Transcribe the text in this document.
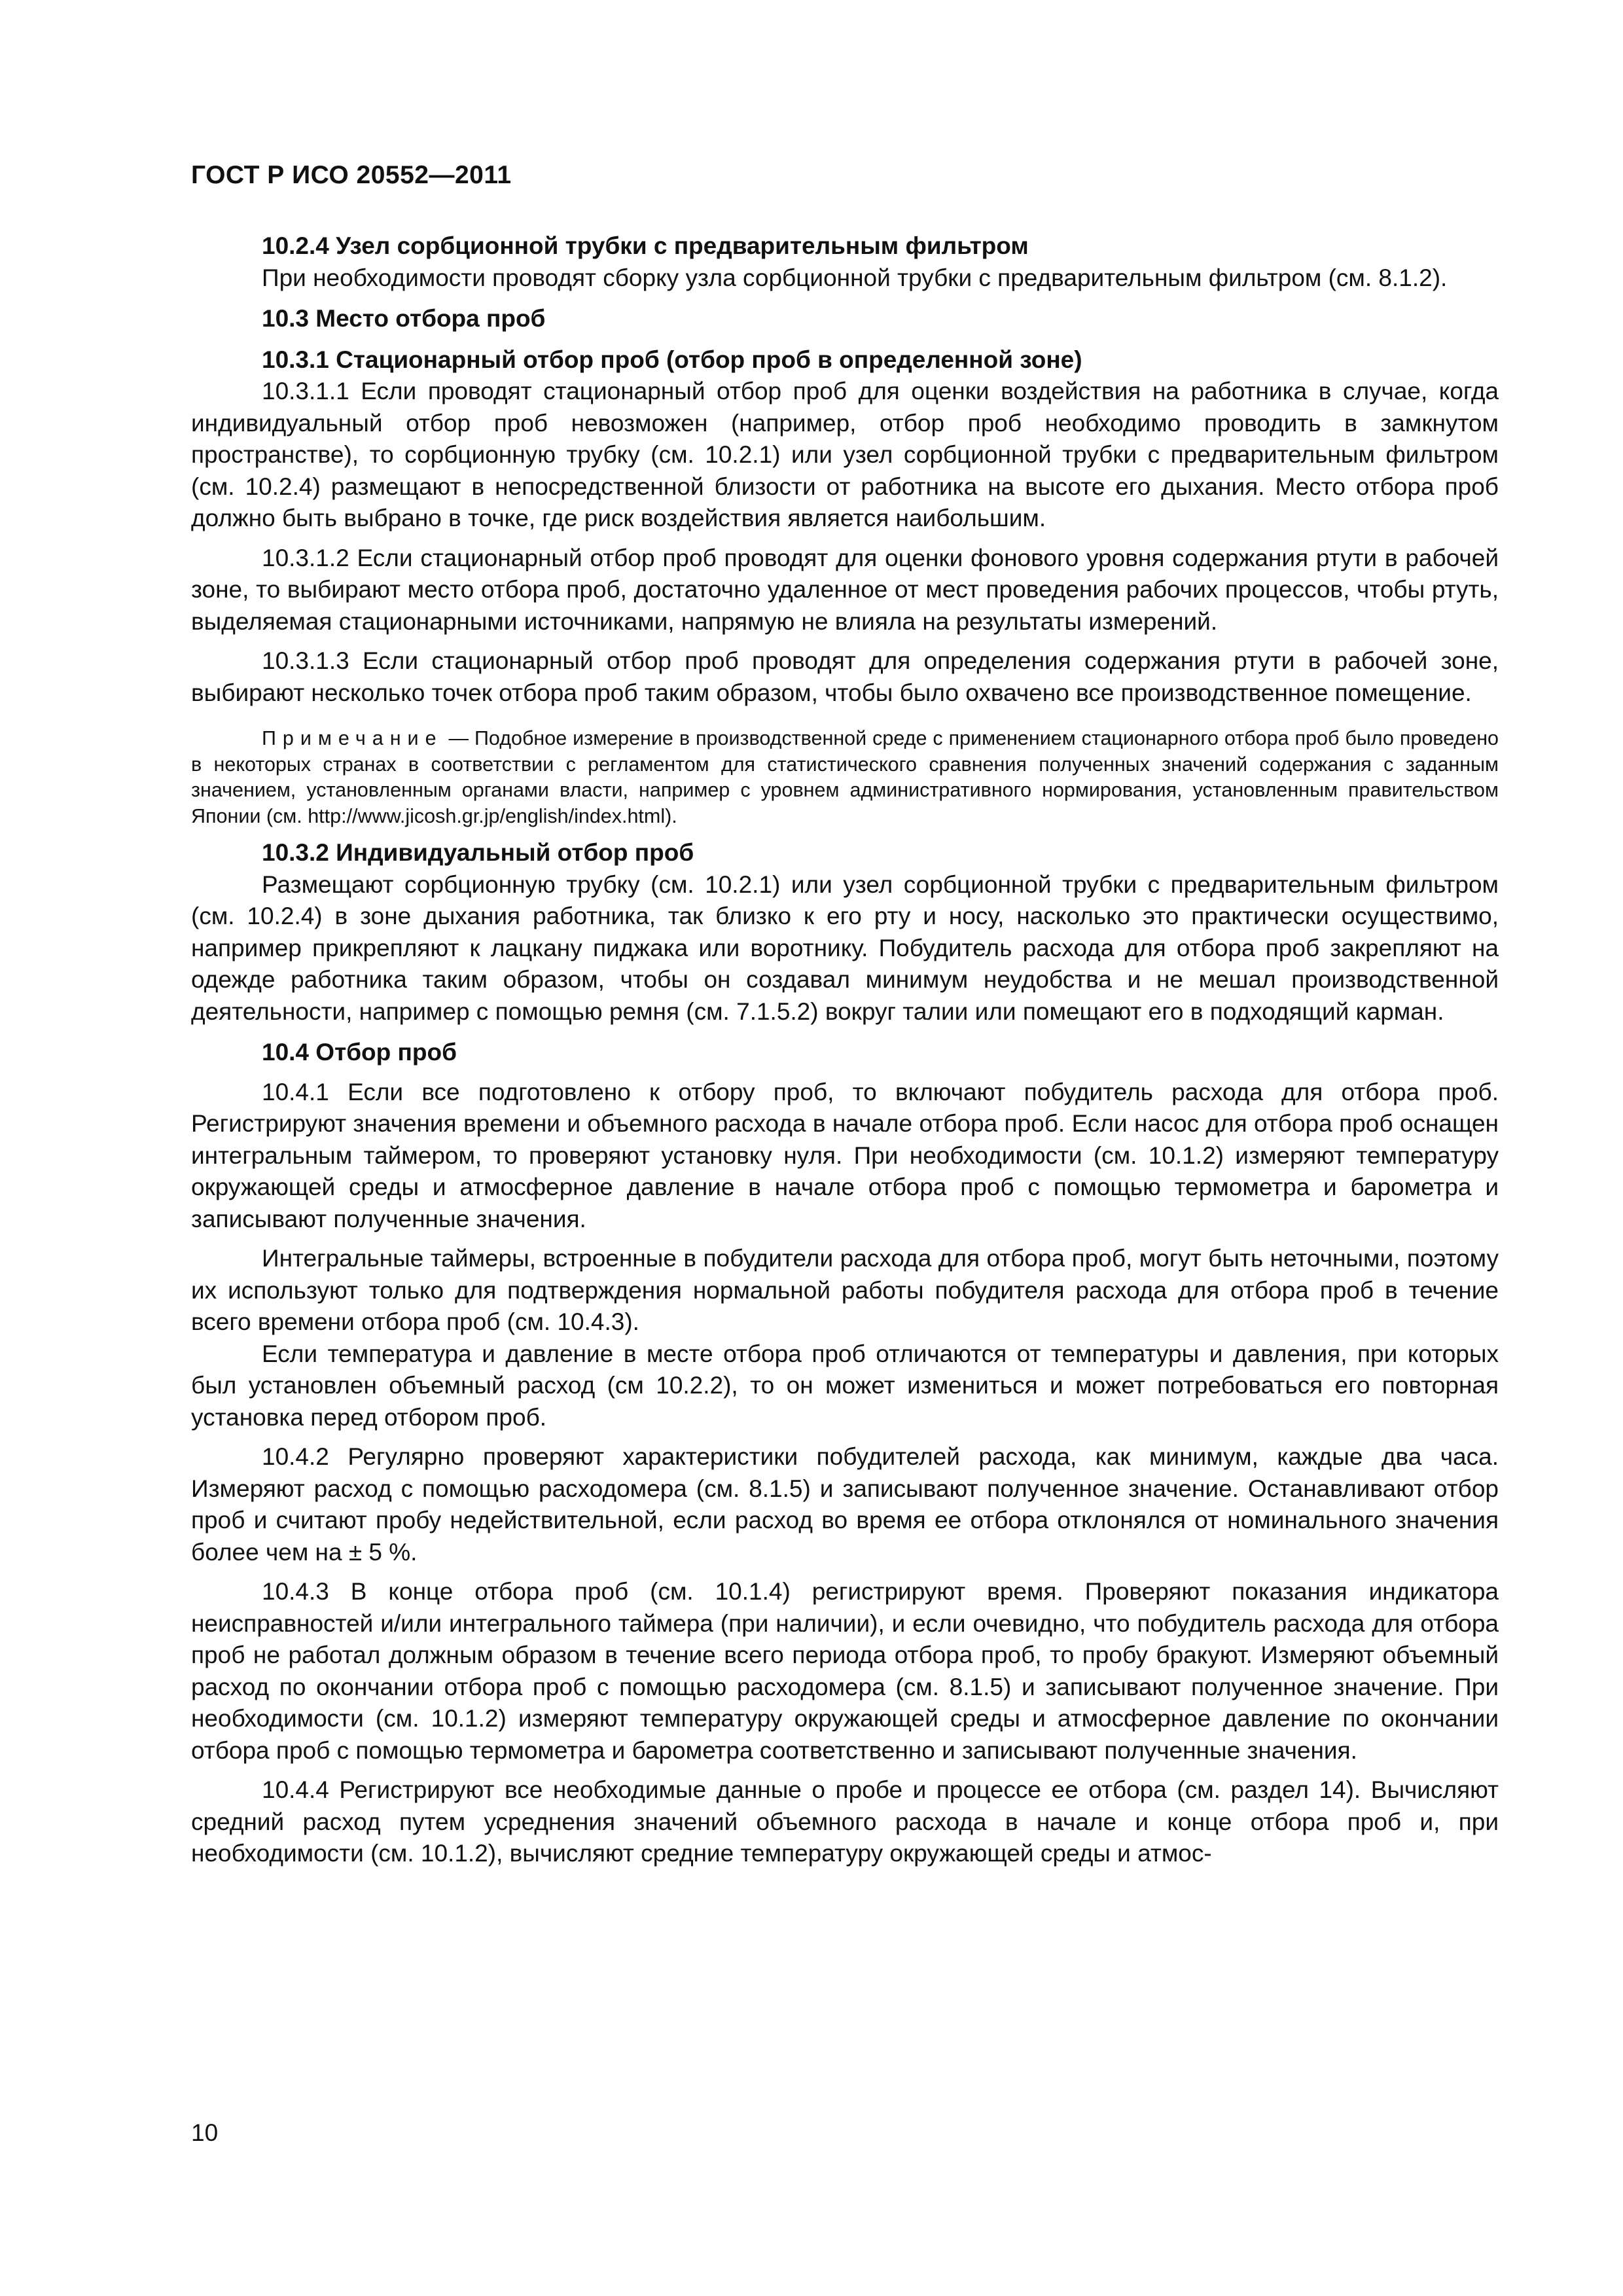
ГОСТ Р ИСО 20552—2011

10.2.4 Узел сорбционной трубки с предварительным фильтром

При необходимости проводят сборку узла сорбционной трубки с предварительным фильтром (см. 8.1.2).

10.3 Место отбора проб

10.3.1 Стационарный отбор проб (отбор проб в определенной зоне)

10.3.1.1 Если проводят стационарный отбор проб для оценки воздействия на работника в случае, когда индивидуальный отбор проб невозможен (например, отбор проб необходимо проводить в замкнутом пространстве), то сорбционную трубку (см. 10.2.1) или узел сорбционной трубки с предварительным фильтром (см. 10.2.4) размещают в непосредственной близости от работника на высоте его дыхания. Место отбора проб должно быть выбрано в точке, где риск воздействия является наибольшим.

10.3.1.2 Если стационарный отбор проб проводят для оценки фонового уровня содержания ртути в рабочей зоне, то выбирают место отбора проб, достаточно удаленное от мест проведения рабочих процессов, чтобы ртуть, выделяемая стационарными источниками, напрямую не влияла на результаты измерений.

10.3.1.3 Если стационарный отбор проб проводят для определения содержания ртути в рабочей зоне, выбирают несколько точек отбора проб таким образом, чтобы было охвачено все производственное помещение.

Примечание — Подобное измерение в производственной среде с применением стационарного отбора проб было проведено в некоторых странах в соответствии с регламентом для статистического сравнения полученных значений содержания с заданным значением, установленным органами власти, например с уровнем административного нормирования, установленным правительством Японии (см. http://www.jicosh.gr.jp/english/index.html).

10.3.2 Индивидуальный отбор проб

Размещают сорбционную трубку (см. 10.2.1) или узел сорбционной трубки с предварительным фильтром (см. 10.2.4) в зоне дыхания работника, так близко к его рту и носу, насколько это практически осуществимо, например прикрепляют к лацкану пиджака или воротнику. Побудитель расхода для отбора проб закрепляют на одежде работника таким образом, чтобы он создавал минимум неудобства и не мешал производственной деятельности, например с помощью ремня (см. 7.1.5.2) вокруг талии или помещают его в подходящий карман.

10.4 Отбор проб

10.4.1 Если все подготовлено к отбору проб, то включают побудитель расхода для отбора проб. Регистрируют значения времени и объемного расхода в начале отбора проб. Если насос для отбора проб оснащен интегральным таймером, то проверяют установку нуля. При необходимости (см. 10.1.2) измеряют температуру окружающей среды и атмосферное давление в начале отбора проб с помощью термометра и барометра и записывают полученные значения.

Интегральные таймеры, встроенные в побудители расхода для отбора проб, могут быть неточными, поэтому их используют только для подтверждения нормальной работы побудителя расхода для отбора проб в течение всего времени отбора проб (см. 10.4.3).

Если температура и давление в месте отбора проб отличаются от температуры и давления, при которых был установлен объемный расход (см 10.2.2), то он может измениться и может потребоваться его повторная установка перед отбором проб.

10.4.2 Регулярно проверяют характеристики побудителей расхода, как минимум, каждые два часа. Измеряют расход с помощью расходомера (см. 8.1.5) и записывают полученное значение. Останавливают отбор проб и считают пробу недействительной, если расход во время ее отбора отклонялся от номинального значения более чем на ± 5 %.

10.4.3 В конце отбора проб (см. 10.1.4) регистрируют время. Проверяют показания индикатора неисправностей и/или интегрального таймера (при наличии), и если очевидно, что побудитель расхода для отбора проб не работал должным образом в течение всего периода отбора проб, то пробу бракуют. Измеряют объемный расход по окончании отбора проб с помощью расходомера (см. 8.1.5) и записывают полученное значение. При необходимости (см. 10.1.2) измеряют температуру окружающей среды и атмосферное давление по окончании отбора проб с помощью термометра и барометра соответственно и записывают полученные значения.

10.4.4 Регистрируют все необходимые данные о пробе и процессе ее отбора (см. раздел 14). Вычисляют средний расход путем усреднения значений объемного расхода в начале и конце отбора проб и, при необходимости (см. 10.1.2), вычисляют средние температуру окружающей среды и атмос-

10
